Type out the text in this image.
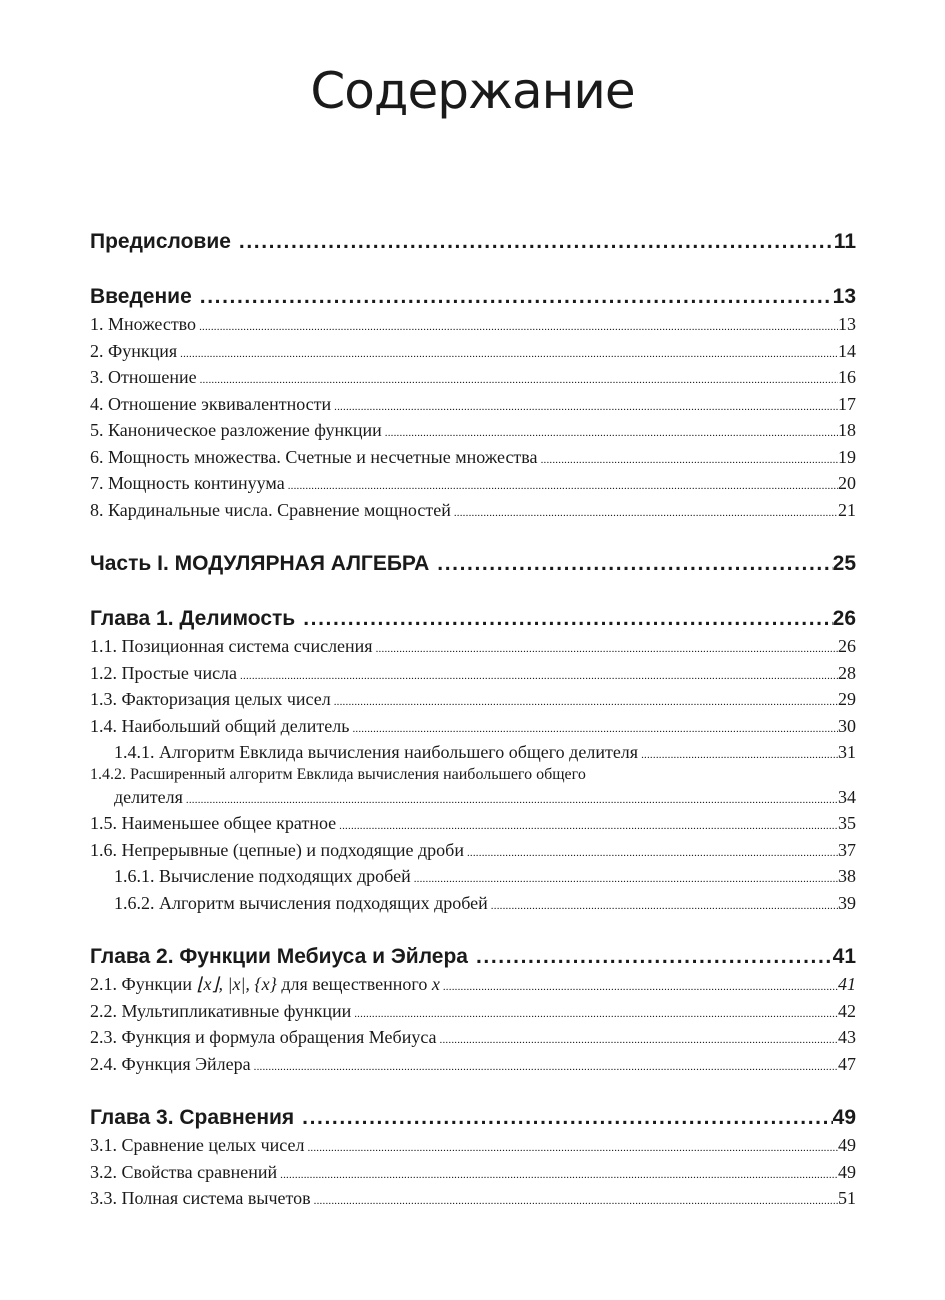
Содержание
Предисловие .....	11
Введение .....	13
1. Множество .....	13
2. Функция .....	14
3. Отношение .....	16
4. Отношение эквивалентности .....	17
5. Каноническое разложение функции .....	18
6. Мощность множества. Счетные и несчетные множества .....	19
7. Мощность континуума .....	20
8. Кардинальные числа. Сравнение мощностей .....	21
Часть I. МОДУЛЯРНАЯ АЛГЕБРА .....	25
Глава 1. Делимость .....	26
1.1. Позиционная система счисления .....	26
1.2. Простые числа .....	28
1.3. Факторизация целых чисел .....	29
1.4. Наибольший общий делитель .....	30
1.4.1. Алгоритм Евклида вычисления наибольшего общего делителя .....	31
1.4.2. Расширенный алгоритм Евклида вычисления наибольшего общего
делителя .....	34
1.5. Наименьшее общее кратное .....	35
1.6. Непрерывные (цепные) и подходящие дроби .....	37
1.6.1. Вычисление подходящих дробей .....	38
1.6.2. Алгоритм вычисления подходящих дробей .....	39
Глава 2. Функции Мебиуса и Эйлера .....	41
2.1. Функции ⌊x⌋, |x|, {x} для вещественного x .....	41
2.2. Мультипликативные функции .....	42
2.3. Функция и формула обращения Мебиуса .....	43
2.4. Функция Эйлера .....	47
Глава 3. Сравнения .....	49
3.1. Сравнение целых чисел .....	49
3.2. Свойства сравнений .....	49
3.3. Полная система вычетов .....	51
